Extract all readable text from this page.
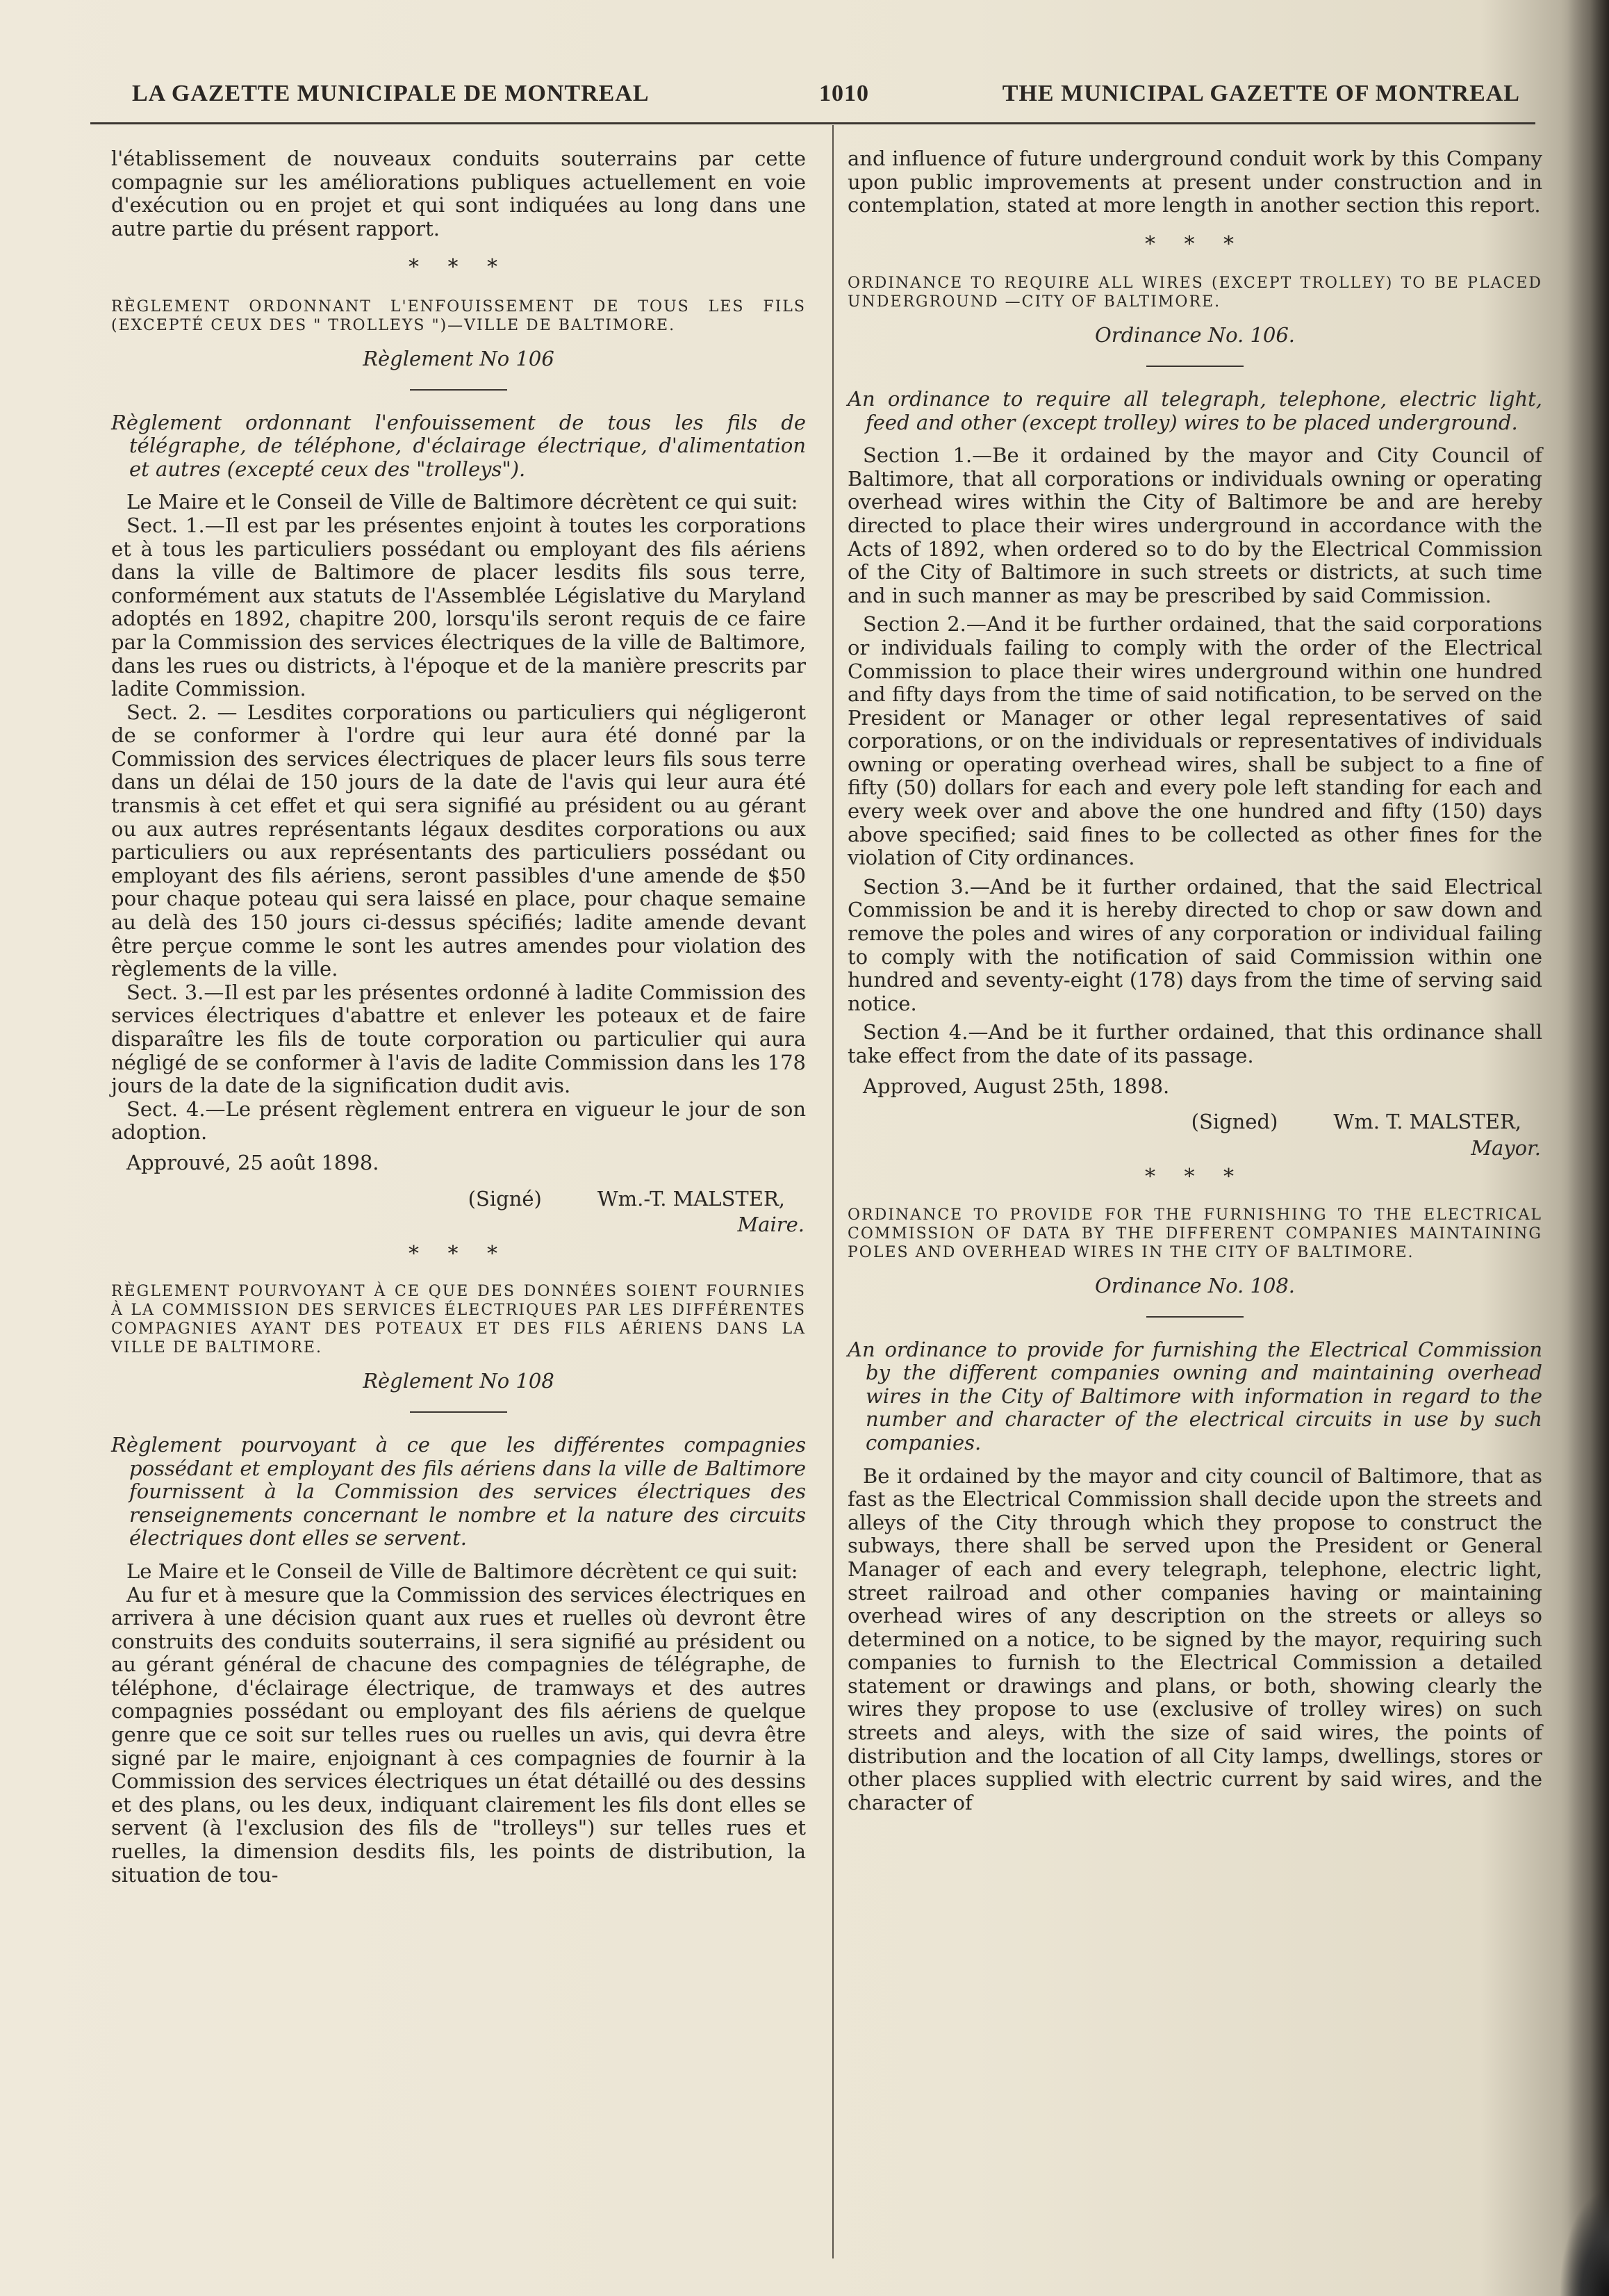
LA GAZETTE MUNICIPALE DE MONTREAL	1010	THE MUNICIPAL GAZETTE OF MONTREAL

l'établissement de nouveaux conduits souterrains par cette compagnie sur les améliorations publiques actuellement en voie d'exécution ou en projet et qui sont indiquées au long dans une autre partie du présent rapport.

* * *

RÈGLEMENT ORDONNANT L'ENFOUISSEMENT DE TOUS LES FILS (EXCEPTÉ CEUX DES " TROLLEYS ")—VILLE DE BALTIMORE.

Règlement No 106

Règlement ordonnant l'enfouissement de tous les fils de télégraphe, de téléphone, d'éclairage électrique, d'alimentation et autres (excepté ceux des "trolleys").

Le Maire et le Conseil de Ville de Baltimore décrètent ce qui suit:

Sect. 1.—Il est par les présentes enjoint à toutes les corporations et à tous les particuliers possédant ou employant des fils aériens dans la ville de Baltimore de placer lesdits fils sous terre, conformément aux statuts de l'Assemblée Législative du Maryland adoptés en 1892, chapitre 200, lorsqu'ils seront requis de ce faire par la Commission des services électriques de la ville de Baltimore, dans les rues ou districts, à l'époque et de la manière prescrits par ladite Commission.

Sect. 2. — Lesdites corporations ou particuliers qui négligeront de se conformer à l'ordre qui leur aura été donné par la Commission des services électriques de placer leurs fils sous terre dans un délai de 150 jours de la date de l'avis qui leur aura été transmis à cet effet et qui sera signifié au président ou au gérant ou aux autres représentants légaux desdites corporations ou aux particuliers ou aux représentants des particuliers possédant ou employant des fils aériens, seront passibles d'une amende de $50 pour chaque poteau qui sera laissé en place, pour chaque semaine au delà des 150 jours ci-dessus spécifiés; ladite amende devant être perçue comme le sont les autres amendes pour violation des règlements de la ville.

Sect. 3.—Il est par les présentes ordonné à ladite Commission des services électriques d'abattre et enlever les poteaux et de faire disparaître les fils de toute corporation ou particulier qui aura négligé de se conformer à l'avis de ladite Commission dans les 178 jours de la date de la signification dudit avis.

Sect. 4.—Le présent règlement entrera en vigueur le jour de son adoption.

Approuvé, 25 août 1898.

(Signé)	Wm.-T. MALSTER,

Maire.

* * *

RÈGLEMENT POURVOYANT À CE QUE DES DONNÉES SOIENT FOURNIES À LA COMMISSION DES SERVICES ÉLECTRIQUES PAR LES DIFFÉRENTES COMPAGNIES AYANT DES POTEAUX ET DES FILS AÉRIENS DANS LA VILLE DE BALTIMORE.

Règlement No 108

Règlement pourvoyant à ce que les différentes compagnies possédant et employant des fils aériens dans la ville de Baltimore fournissent à la Commission des services électriques des renseignements concernant le nombre et la nature des circuits électriques dont elles se servent.

Le Maire et le Conseil de Ville de Baltimore décrètent ce qui suit:

Au fur et à mesure que la Commission des services électriques en arrivera à une décision quant aux rues et ruelles où devront être construits des conduits souterrains, il sera signifié au président ou au gérant général de chacune des compagnies de télégraphe, de téléphone, d'éclairage électrique, de tramways et des autres compagnies possédant ou employant des fils aériens de quelque genre que ce soit sur telles rues ou ruelles un avis, qui devra être signé par le maire, enjoignant à ces compagnies de fournir à la Commission des services électriques un état détaillé ou des dessins et des plans, ou les deux, indiquant clairement les fils dont elles se servent (à l'exclusion des fils de "trolleys") sur telles rues et ruelles, la dimension desdits fils, les points de distribution, la situation de tou-

and influence of future underground conduit work by this Company upon public improvements at present under construction and in contemplation, stated at more length in another section this report.

* * *

ORDINANCE TO REQUIRE ALL WIRES (EXCEPT TROLLEY) TO BE PLACED UNDERGROUND —CITY OF BALTIMORE.

Ordinance No. 106.

An ordinance to require all telegraph, telephone, electric light, feed and other (except trolley) wires to be placed underground.

Section 1.—Be it ordained by the mayor and City Council of Baltimore, that all corporations or individuals owning or operating overhead wires within the City of Baltimore be and are hereby directed to place their wires underground in accordance with the Acts of 1892, when ordered so to do by the Electrical Commission of the City of Baltimore in such streets or districts, at such time and in such manner as may be prescribed by said Commission.

Section 2.—And it be further ordained, that the said corporations or individuals failing to comply with the order of the Electrical Commission to place their wires underground within one hundred and fifty days from the time of said notification, to be served on the President or Manager or other legal representatives of said corporations, or on the individuals or representatives of individuals owning or operating overhead wires, shall be subject to a fine of fifty (50) dollars for each and every pole left standing for each and every week over and above the one hundred and fifty (150) days above specified; said fines to be collected as other fines for the violation of City ordinances.

Section 3.—And be it further ordained, that the said Electrical Commission be and it is hereby directed to chop or saw down and remove the poles and wires of any corporation or individual failing to comply with the notification of said Commission within one hundred and seventy-eight (178) days from the time of serving said notice.

Section 4.—And be it further ordained, that this ordinance shall take effect from the date of its passage.

Approved, August 25th, 1898.

(Signed)	Wm. T. MALSTER,

Mayor.

* * *

ORDINANCE TO PROVIDE FOR THE FURNISHING TO THE ELECTRICAL COMMISSION OF DATA BY THE DIFFERENT COMPANIES MAINTAINING POLES AND OVERHEAD WIRES IN THE CITY OF BALTIMORE.

Ordinance No. 108.

An ordinance to provide for furnishing the Electrical Commission by the different companies owning and maintaining overhead wires in the City of Baltimore with information in regard to the number and character of the electrical circuits in use by such companies.

Be it ordained by the mayor and city council of Baltimore, that as fast as the Electrical Commission shall decide upon the streets and alleys of the City through which they propose to construct the subways, there shall be served upon the President or General Manager of each and every telegraph, telephone, electric light, street railroad and other companies having or maintaining overhead wires of any description on the streets or alleys so determined on a notice, to be signed by the mayor, requiring such companies to furnish to the Electrical Commission a detailed statement or drawings and plans, or both, showing clearly the wires they propose to use (exclusive of trolley wires) on such streets and aleys, with the size of said wires, the points of distribution and the location of all City lamps, dwellings, stores or other places supplied with electric current by said wires, and the character of
